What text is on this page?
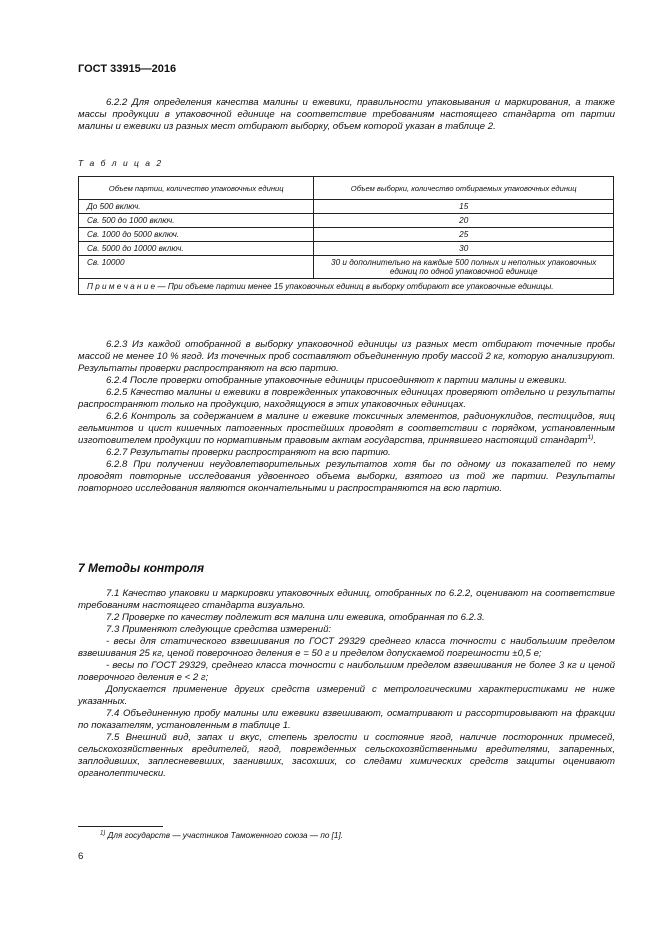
ГОСТ 33915—2016

6.2.2 Для определения качества малины и ежевики, правильности упаковывания и маркирования, а также массы продукции в упаковочной единице на соответствие требованиям настоящего стандарта от партии малины и ежевики из разных мест отбирают выборку, объем которой указан в таблице 2.

Т а б л и ц а 2
Объем партии, количество упаковочных единиц	Объем выборки, количество отбираемых упаковочных единиц
До 500 включ.	15
Св. 500 до 1000 включ.	20
Св. 1000 до 5000 включ.	25
Св. 5000 до 10000 включ.	30
Св. 10000	30 и дополнительно на каждые 500 полных и неполных упаковочных единиц по одной упаковочной единице
П р и м е ч а н и е — При объеме партии менее 15 упаковочных единиц в выборку отбирают все упаковочные единицы.	

6.2.3 Из каждой отобранной в выборку упаковочной единицы из разных мест отбирают точечные пробы массой не менее 10 % ягод. Из точечных проб составляют объединенную пробу массой 2 кг, которую анализируют. Результаты проверки распространяют на всю партию.

6.2.4 После проверки отобранные упаковочные единицы присоединяют к партии малины и ежевики.

6.2.5 Качество малины и ежевики в поврежденных упаковочных единицах проверяют отдельно и результаты распространяют только на продукцию, находящуюся в этих упаковочных единицах.

6.2.6 Контроль за содержанием в малине и ежевике токсичных элементов, радионуклидов, пестицидов, яиц гельминтов и цист кишечных патогенных простейших проводят в соответствии с порядком, установленным изготовителем продукции по нормативным правовым актам государства, принявшего настоящий стандарт$^{1)}$.

6.2.7 Результаты проверки распространяют на всю партию.

6.2.8 При получении неудовлетворительных результатов хотя бы по одному из показателей по нему проводят повторные исследования удвоенного объема выборки, взятого из той же партии. Результаты повторного исследования являются окончательными и распространяются на всю партию.

7 Методы контроля

7.1 Качество упаковки и маркировки упаковочных единиц, отобранных по 6.2.2, оценивают на соответствие требованиям настоящего стандарта визуально.

7.2 Проверке по качеству подлежит вся малина или ежевика, отобранная по 6.2.3.

7.3 Применяют следующие средства измерений:

- весы для статического взвешивания по ГОСТ 29329 среднего класса точности с наибольшим пределом взвешивания 25 кг, ценой поверочного деления е = 50 г и пределом допускаемой погрешности ±0,5 е;

- весы по ГОСТ 29329, среднего класса точности с наибольшим пределом взвешивания не более 3 кг и ценой поверочного деления е < 2 г;

Допускается применение других средств измерений с метрологическими характеристиками не ниже указанных.

7.4 Объединенную пробу малины или ежевики взвешивают, осматривают и рассортировывают на фракции по показателям, установленным в таблице 1.

7.5 Внешний вид, запах и вкус, степень зрелости и состояние ягод, наличие посторонних примесей, сельскохозяйственных вредителей, ягод, поврежденных сельскохозяйственными вредителями, запаренных, заплодивших, заплесневевших, загнивших, засохших, со следами химических средств защиты оценивают органолептически.

$^{1)}$ Для государств — участников Таможенного союза — по [1].
6
